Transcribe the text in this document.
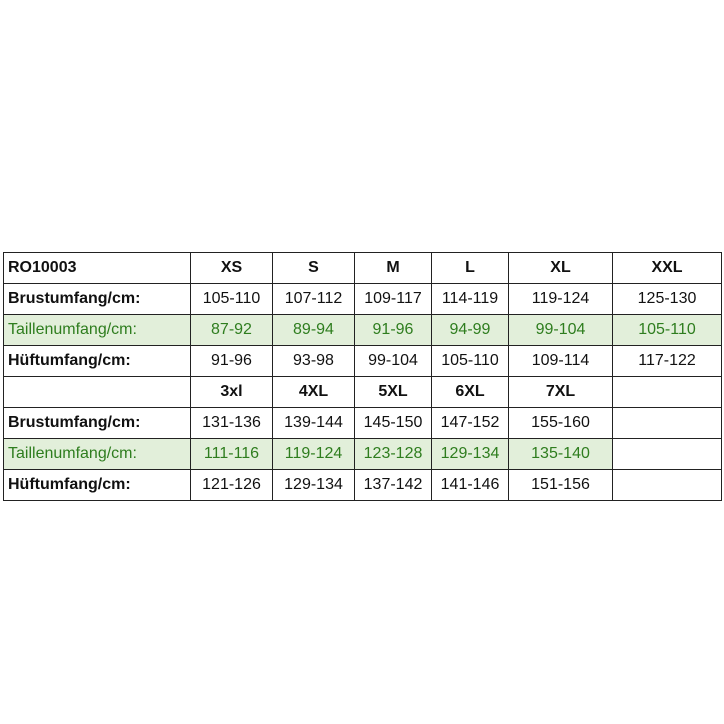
RO10003	XS	S	M	L	XL	XXL
Brustumfang/cm:	105-110	107-112	109-117	114-119	119-124	125-130
Taillenumfang/cm:	87-92	89-94	91-96	94-99	99-104	105-110
Hüftumfang/cm:	91-96	93-98	99-104	105-110	109-114	117-122
	3xl	4XL	5XL	6XL	7XL	
Brustumfang/cm:	131-136	139-144	145-150	147-152	155-160	
Taillenumfang/cm:	111-116	119-124	123-128	129-134	135-140	
Hüftumfang/cm:	121-126	129-134	137-142	141-146	151-156	
